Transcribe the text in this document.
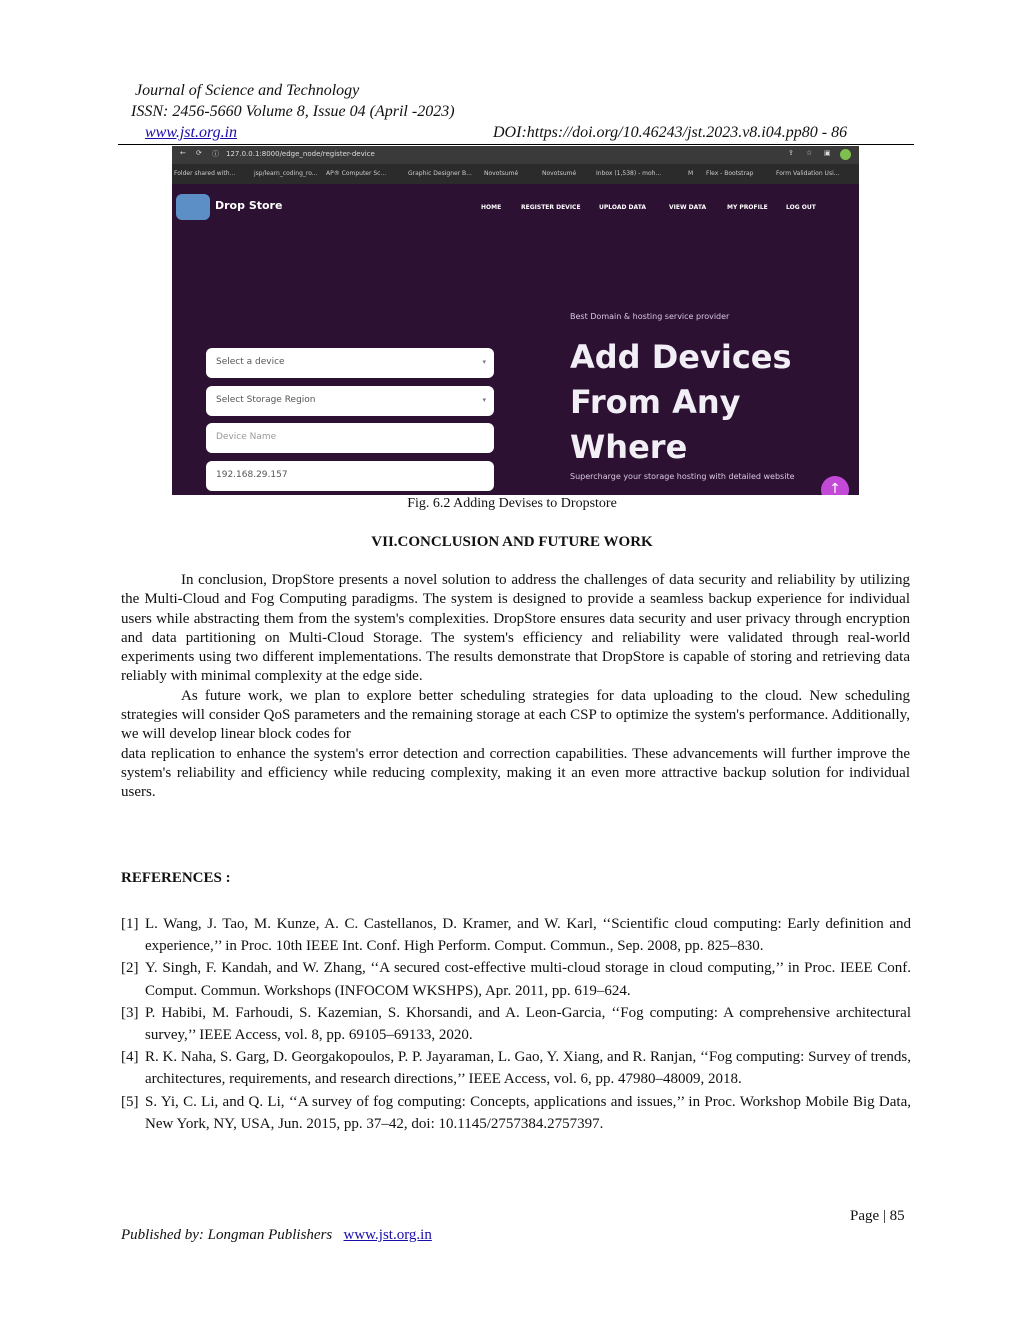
Journal of Science and Technology
ISSN: 2456-5660 Volume 8, Issue 04 (April -2023)
www.jst.org.in	DOI:https://doi.org/10.46243/jst.2023.v8.i04.pp80 - 86
← ⟳ ⓘ 127.0.0.1:8000/edge_node/register-device	⇪ ☆ ▣
Folder shared with...	jsp/learn_coding_ro... AP® Computer Sc...	Graphic Designer B... Novotsumé	Novotsumé	Inbox (1,538) - moh...	M Flex - Bootstrap	Form Validation Usi...
Drop Store	HOME	REGISTER DEVICE	UPLOAD DATA	VIEW DATA	MY PROFILE	LOG OUT
Select a device	▾
Select Storage Region	▾
Device Name
192.168.29.157
Best Domain & hosting service provider
Add Devices
From Any
Where
Supercharge your storage hosting with detailed website
↑
Fig. 6.2 Adding Devises to Dropstore
VII.CONCLUSION AND FUTURE WORK

In conclusion, DropStore presents a novel solution to address the challenges of data security and reliability by utilizing the Multi-Cloud and Fog Computing paradigms. The system is designed to provide a seamless backup experience for individual users while abstracting them from the system's complexities. DropStore ensures data security and user privacy through encryption and data partitioning on Multi-Cloud Storage. The system's efficiency and reliability were validated through real-world experiments using two different implementations. The results demonstrate that DropStore is capable of storing and retrieving data reliably with minimal complexity at the edge side.

As future work, we plan to explore better scheduling strategies for data uploading to the cloud. New scheduling strategies will consider QoS parameters and the remaining storage at each CSP to optimize the system's performance. Additionally, we will develop linear block codes for

data replication to enhance the system's error detection and correction capabilities. These advancements will further improve the system's reliability and efficiency while reducing complexity, making it an even more attractive backup solution for individual users.

REFERENCES :

[1] L. Wang, J. Tao, M. Kunze, A. C. Castellanos, D. Kramer, and W. Karl, ‘‘Scientific cloud computing: Early definition and experience,’’ in Proc. 10th IEEE Int. Conf. High Perform. Comput. Commun., Sep. 2008, pp. 825–830.

[2] Y. Singh, F. Kandah, and W. Zhang, ‘‘A secured cost-effective multi-cloud storage in cloud computing,’’ in Proc. IEEE Conf. Comput. Commun. Workshops (INFOCOM WKSHPS), Apr. 2011, pp. 619–624.

[3] P. Habibi, M. Farhoudi, S. Kazemian, S. Khorsandi, and A. Leon-Garcia, ‘‘Fog computing: A comprehensive architectural survey,’’ IEEE Access, vol. 8, pp. 69105–69133, 2020.

[4] R. K. Naha, S. Garg, D. Georgakopoulos, P. P. Jayaraman, L. Gao, Y. Xiang, and R. Ranjan, ‘‘Fog computing: Survey of trends, architectures, requirements, and research directions,’’ IEEE Access, vol. 6, pp. 47980–48009, 2018.

[5] S. Yi, C. Li, and Q. Li, ‘‘A survey of fog computing: Concepts, applications and issues,’’ in Proc. Workshop Mobile Big Data, New York, NY, USA, Jun. 2015, pp. 37–42, doi: 10.1145/2757384.2757397.

Page | 85
Published by: Longman Publishers www.jst.org.in
